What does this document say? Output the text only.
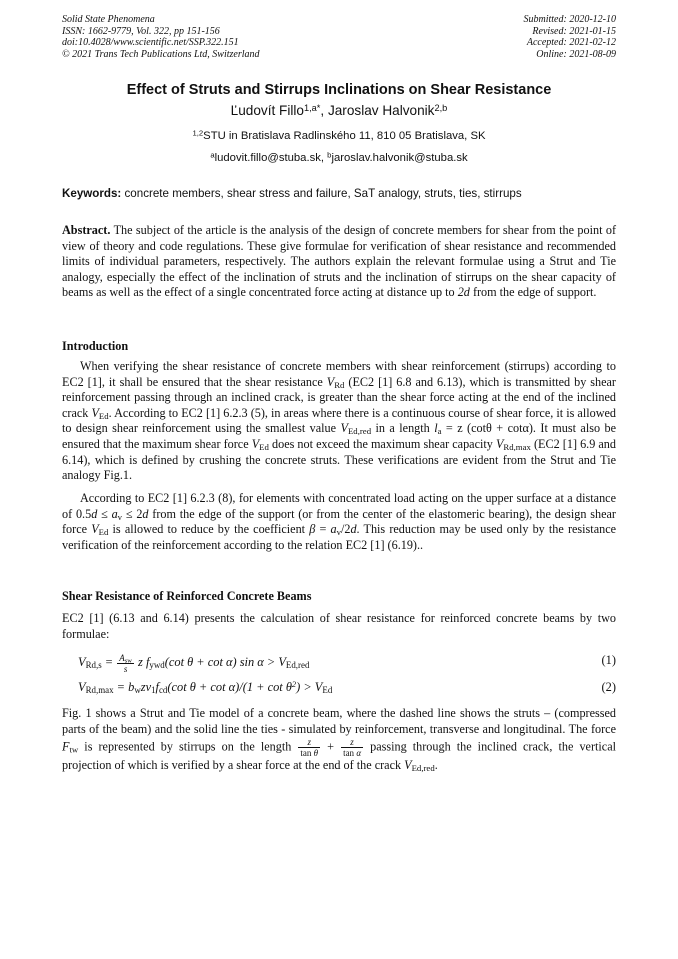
Solid State Phenomena
ISSN: 1662-9779, Vol. 322, pp 151-156
doi:10.4028/www.scientific.net/SSP.322.151
© 2021 Trans Tech Publications Ltd, Switzerland
Submitted: 2020-12-10
Revised: 2021-01-15
Accepted: 2021-02-12
Online: 2021-08-09
Effect of Struts and Stirrups Inclinations on Shear Resistance
Ľudovít Fillo$^{1,a*}$, Jaroslav Halvonik$^{2,b}$
$^{1,2}$STU in Bratislava Radlinského 11, 810 05 Bratislava, SK
$^a$ludovit.fillo@stuba.sk, $^b$jaroslav.halvonik@stuba.sk
Keywords: concrete members, shear stress and failure, SaT analogy, struts, ties, stirrups
Abstract. The subject of the article is the analysis of the design of concrete members for shear from the point of view of theory and code regulations. These give formulae for verification of shear resistance and recommended limits of individual parameters, respectively. The authors explain the relevant formulae using a Strut and Tie analogy, especially the effect of the inclination of struts and the inclination of stirrups on the shear capacity of beams as well as the effect of a single concentrated force acting at distance up to 2d from the edge of support.
Introduction
When verifying the shear resistance of concrete members with shear reinforcement (stirrups) according to EC2 [1], it shall be ensured that the shear resistance $V_{Rd}$ (EC2 [1] 6.8 and 6.13), which is transmitted by shear reinforcement passing through an inclined crack, is greater than the shear force acting at the end of the inclined crack $V_{Ed}$. According to EC2 [1] 6.2.3 (5), in areas where there is a continuous course of shear force, it is allowed to design shear reinforcement using the smallest value $V_{Ed,red}$ in a length $l_a = z$ (cotθ + cotα). It must also be ensured that the maximum shear force $V_{Ed}$ does not exceed the maximum shear capacity $V_{Rd,max}$ (EC2 [1] 6.9 and 6.14), which is defined by crushing the concrete struts. These verifications are evident from the Strut and Tie analogy Fig.1.
According to EC2 [1] 6.2.3 (8), for elements with concentrated load acting on the upper surface at a distance of $0.5d \le a_v \le 2d$ from the edge of the support (or from the center of the elastomeric bearing), the design shear force $V_{Ed}$ is allowed to reduce by the coefficient $\beta = a_v/2d$. This reduction may be used only by the resistance verification of the reinforcement according to the relation EC2 [1] (6.19)..
Shear Resistance of Reinforced Concrete Beams
EC2 [1] (6.13 and 6.14) presents the calculation of shear resistance for reinforced concrete beams by two formulae:
$V_{Rd,s} = \frac{A_{sw}}{s}$ z $f_{ywd}(\cot$ θ + cot α) $\sin \alpha > V_{Ed,red}$	(1)
$V_{Rd,max} = b_wz\nu_1f_{cd}(\cot$ $\theta + \cot \alpha)/(1 + \cot \theta^2) > V_{Ed}$	(2)
Fig. 1 shows a Strut and Tie model of a concrete beam, where the dashed line shows the struts – (compressed parts of the beam) and the solid line the ties - simulated by reinforcement, transverse and longitudinal. The force $F_{tw}$ is represented by stirrups on the length $\frac{z}{\text{tan θ}} + \frac{z}{\text{tan α}}$ passing through the inclined crack, the vertical projection of which is verified by a shear force at the end of the crack $V_{Ed,red}$.
